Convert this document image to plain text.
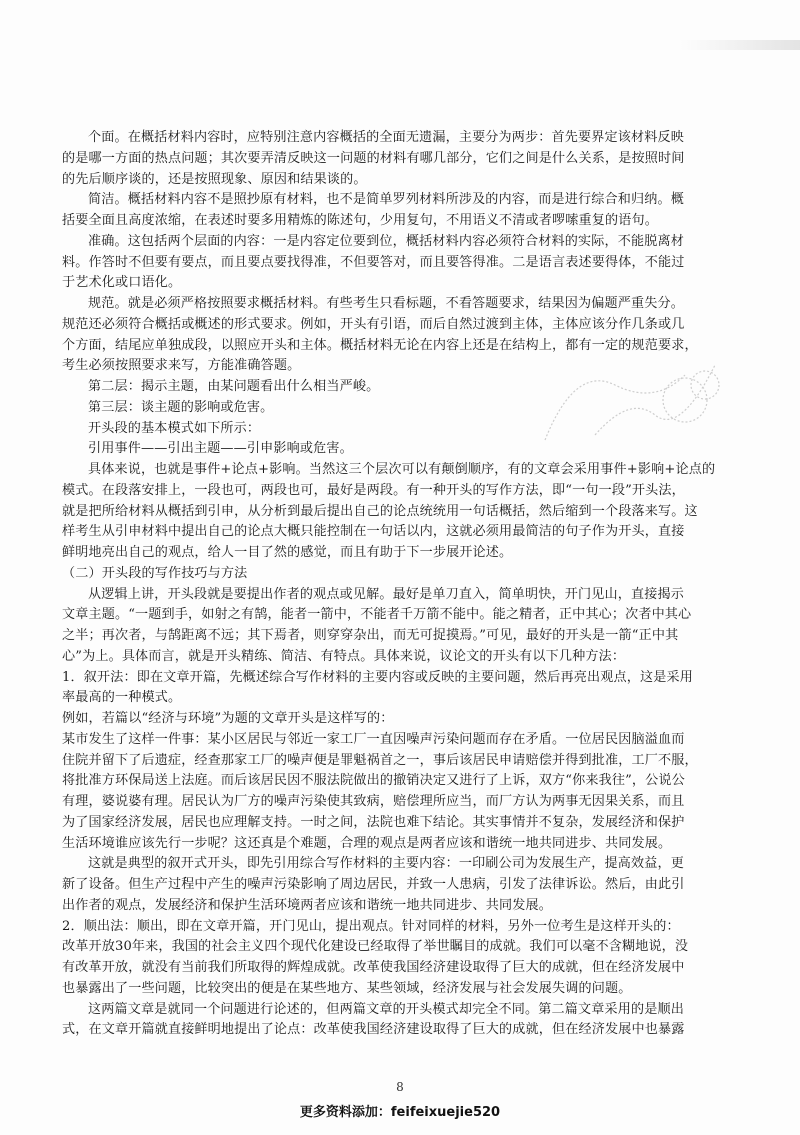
个面。在概括材料内容时，应特别注意内容概括的全面无遗漏，主要分为两步：首先要界定该材料反映
的是哪一方面的热点问题；其次要弄清反映这一问题的材料有哪几部分，它们之间是什么关系，是按照时间
的先后顺序谈的，还是按照现象、原因和结果谈的。
简洁。概括材料内容不是照抄原有材料，也不是简单罗列材料所涉及的内容，而是进行综合和归纳。概
括要全面且高度浓缩，在表述时要多用精炼的陈述句，少用复句，不用语义不清或者啰嗦重复的语句。
准确。这包括两个层面的内容：一是内容定位要到位，概括材料内容必须符合材料的实际，不能脱离材
料。作答时不但要有要点，而且要点要找得准，不但要答对，而且要答得准。二是语言表述要得体，不能过
于艺术化或口语化。
规范。就是必须严格按照要求概括材料。有些考生只看标题，不看答题要求，结果因为偏题严重失分。
规范还必须符合概括或概述的形式要求。例如，开头有引语，而后自然过渡到主体，主体应该分作几条或几
个方面，结尾应单独成段，以照应开头和主体。概括材料无论在内容上还是在结构上，都有一定的规范要求，
考生必须按照要求来写，方能准确答题。
第二层：揭示主题，由某问题看出什么相当严峻。
第三层：谈主题的影响或危害。
开头段的基本模式如下所示：
引用事件——引出主题——引申影响或危害。
具体来说，也就是事件+论点+影响。当然这三个层次可以有颠倒顺序，有的文章会采用事件+影响+论点的
模式。在段落安排上，一段也可，两段也可，最好是两段。有一种开头的写作方法，即“一句一段”开头法，
就是把所给材料从概括到引申，从分析到最后提出自己的论点统统用一句话概括，然后缩到一个段落来写。这
样考生从引申材料中提出自己的论点大概只能控制在一句话以内，这就必须用最简洁的句子作为开头，直接
鲜明地亮出自己的观点，给人一目了然的感觉，而且有助于下一步展开论述。
（二）开头段的写作技巧与方法
从逻辑上讲，开头段就是要提出作者的观点或见解。最好是单刀直入，简单明快，开门见山，直接揭示
文章主题。“一题到手，如射之有鹄，能者一箭中，不能者千万箭不能中。能之精者，正中其心；次者中其心
之半；再次者，与鹄距离不远；其下焉者，则穿穿杂出，而无可捉摸焉。”可见，最好的开头是一箭“正中其
心”为上。具体而言，就是开头精练、简洁、有特点。具体来说，议论文的开头有以下几种方法：
1．叙开法：即在文章开篇，先概述综合写作材料的主要内容或反映的主要问题，然后再亮出观点，这是采用
率最高的一种模式。
例如，若篇以“经济与环境”为题的文章开头是这样写的：
某市发生了这样一件事：某小区居民与邻近一家工厂一直因噪声污染问题而存在矛盾。一位居民因脑溢血而
住院并留下了后遗症，经查那家工厂的噪声便是罪魁祸首之一，事后该居民申请赔偿并得到批准，工厂不服，
将批准方环保局送上法庭。而后该居民因不服法院做出的撤销决定又进行了上诉，双方“你来我往”，公说公
有理，婆说婆有理。居民认为厂方的噪声污染使其致病，赔偿理所应当，而厂方认为两事无因果关系，而且
为了国家经济发展，居民也应理解支持。一时之间，法院也难下结论。其实事情并不复杂，发展经济和保护
生活环境谁应该先行一步呢？这还真是个难题，合理的观点是两者应该和谐统一地共同进步、共同发展。
这就是典型的叙开式开头，即先引用综合写作材料的主要内容：一印刷公司为发展生产，提高效益，更
新了设备。但生产过程中产生的噪声污染影响了周边居民，并致一人患病，引发了法律诉讼。然后，由此引
出作者的观点，发展经济和保护生活环境两者应该和谐统一地共同进步、共同发展。
2．顺出法：顺出，即在文章开篇，开门见山，提出观点。针对同样的材料，另外一位考生是这样开头的：
改革开放30年来，我国的社会主义四个现代化建设已经取得了举世瞩目的成就。我们可以毫不含糊地说，没
有改革开放，就没有当前我们所取得的辉煌成就。改革使我国经济建设取得了巨大的成就，但在经济发展中
也暴露出了一些问题，比较突出的便是在某些地方、某些领域，经济发展与社会发展失调的问题。
这两篇文章是就同一个问题进行论述的，但两篇文章的开头模式却完全不同。第二篇文章采用的是顺出
式，在文章开篇就直接鲜明地提出了论点：改革使我国经济建设取得了巨大的成就，但在经济发展中也暴露
8
更多资料添加：feifeixuejie520
